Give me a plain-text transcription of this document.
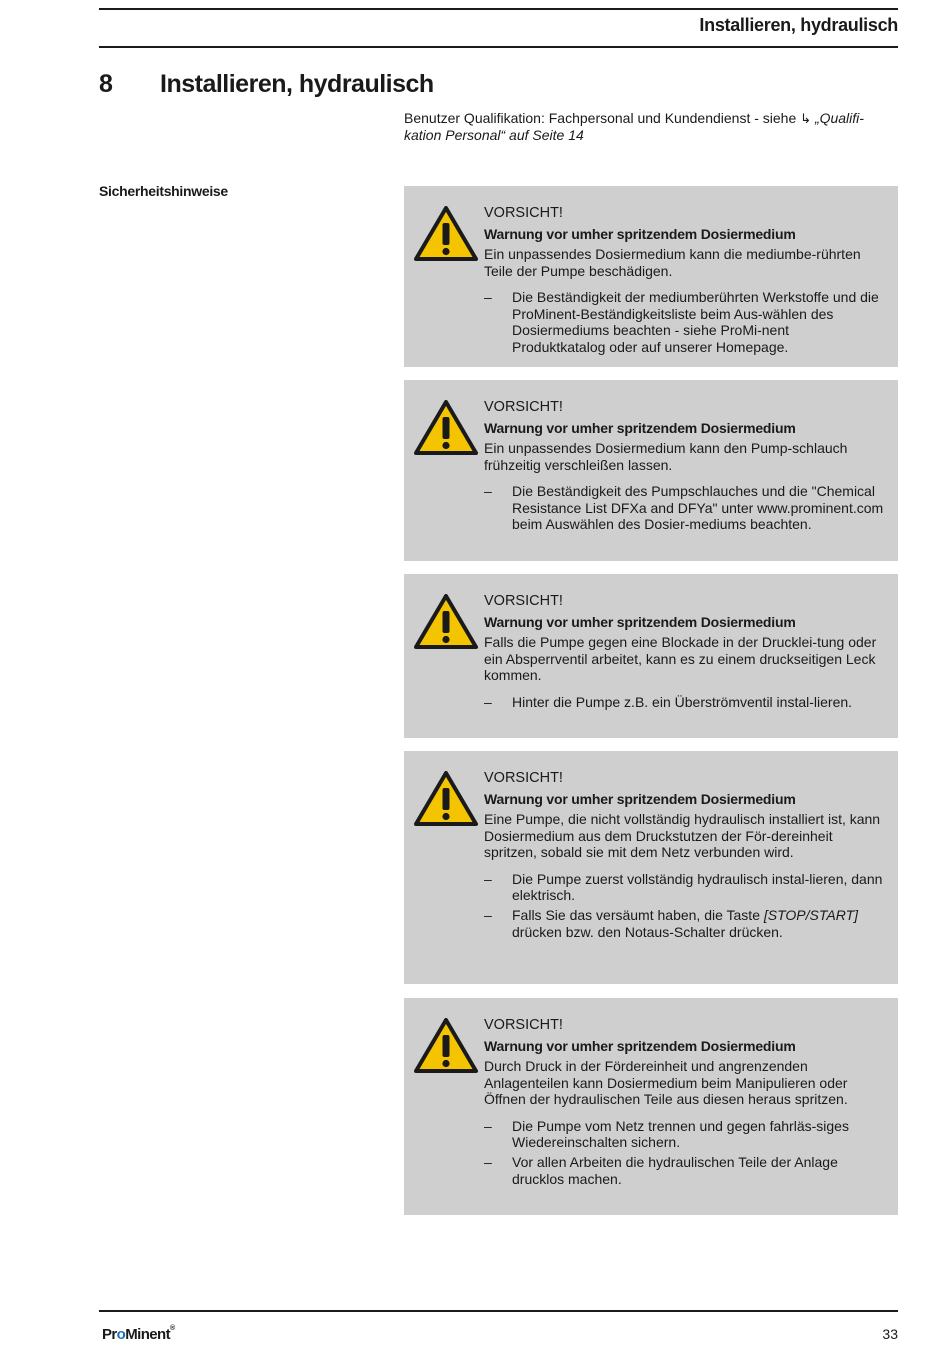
Installieren, hydraulisch
8 Installieren, hydraulisch
Benutzer Qualifikation: Fachpersonal und Kundendienst - siehe ↳ „Qualifi-kation Personal“ auf Seite 14
Sicherheitshinweise
VORSICHT!
Warnung vor umher spritzendem Dosiermedium
Ein unpassendes Dosiermedium kann die mediumbe-rührten Teile der Pumpe beschädigen.
– Die Beständigkeit der mediumberührten Werkstoffe und die ProMinent-Beständigkeitsliste beim Aus-wählen des Dosiermediums beachten - siehe ProMi-nent Produktkatalog oder auf unserer Homepage.
VORSICHT!
Warnung vor umher spritzendem Dosiermedium
Ein unpassendes Dosiermedium kann den Pump-schlauch frühzeitig verschleißen lassen.
– Die Beständigkeit des Pumpschlauches und die "Chemical Resistance List DFXa and DFYa" unter www.prominent.com beim Auswählen des Dosier-mediums beachten.
VORSICHT!
Warnung vor umher spritzendem Dosiermedium
Falls die Pumpe gegen eine Blockade in der Drucklei-tung oder ein Absperrventil arbeitet, kann es zu einem druckseitigen Leck kommen.
– Hinter die Pumpe z.B. ein Überströmventil instal-lieren.
VORSICHT!
Warnung vor umher spritzendem Dosiermedium
Eine Pumpe, die nicht vollständig hydraulisch installiert ist, kann Dosiermedium aus dem Druckstutzen der För-dereinheit spritzen, sobald sie mit dem Netz verbunden wird.
– Die Pumpe zuerst vollständig hydraulisch instal-lieren, dann elektrisch.
– Falls Sie das versäumt haben, die Taste [STOP/START] drücken bzw. den Notaus-Schalter drücken.
VORSICHT!
Warnung vor umher spritzendem Dosiermedium
Durch Druck in der Fördereinheit und angrenzenden Anlagenteilen kann Dosiermedium beim Manipulieren oder Öffnen der hydraulischen Teile aus diesen heraus spritzen.
– Die Pumpe vom Netz trennen und gegen fahrläs-siges Wiedereinschalten sichern.
– Vor allen Arbeiten die hydraulischen Teile der Anlage drucklos machen.
ProMinent®	33
